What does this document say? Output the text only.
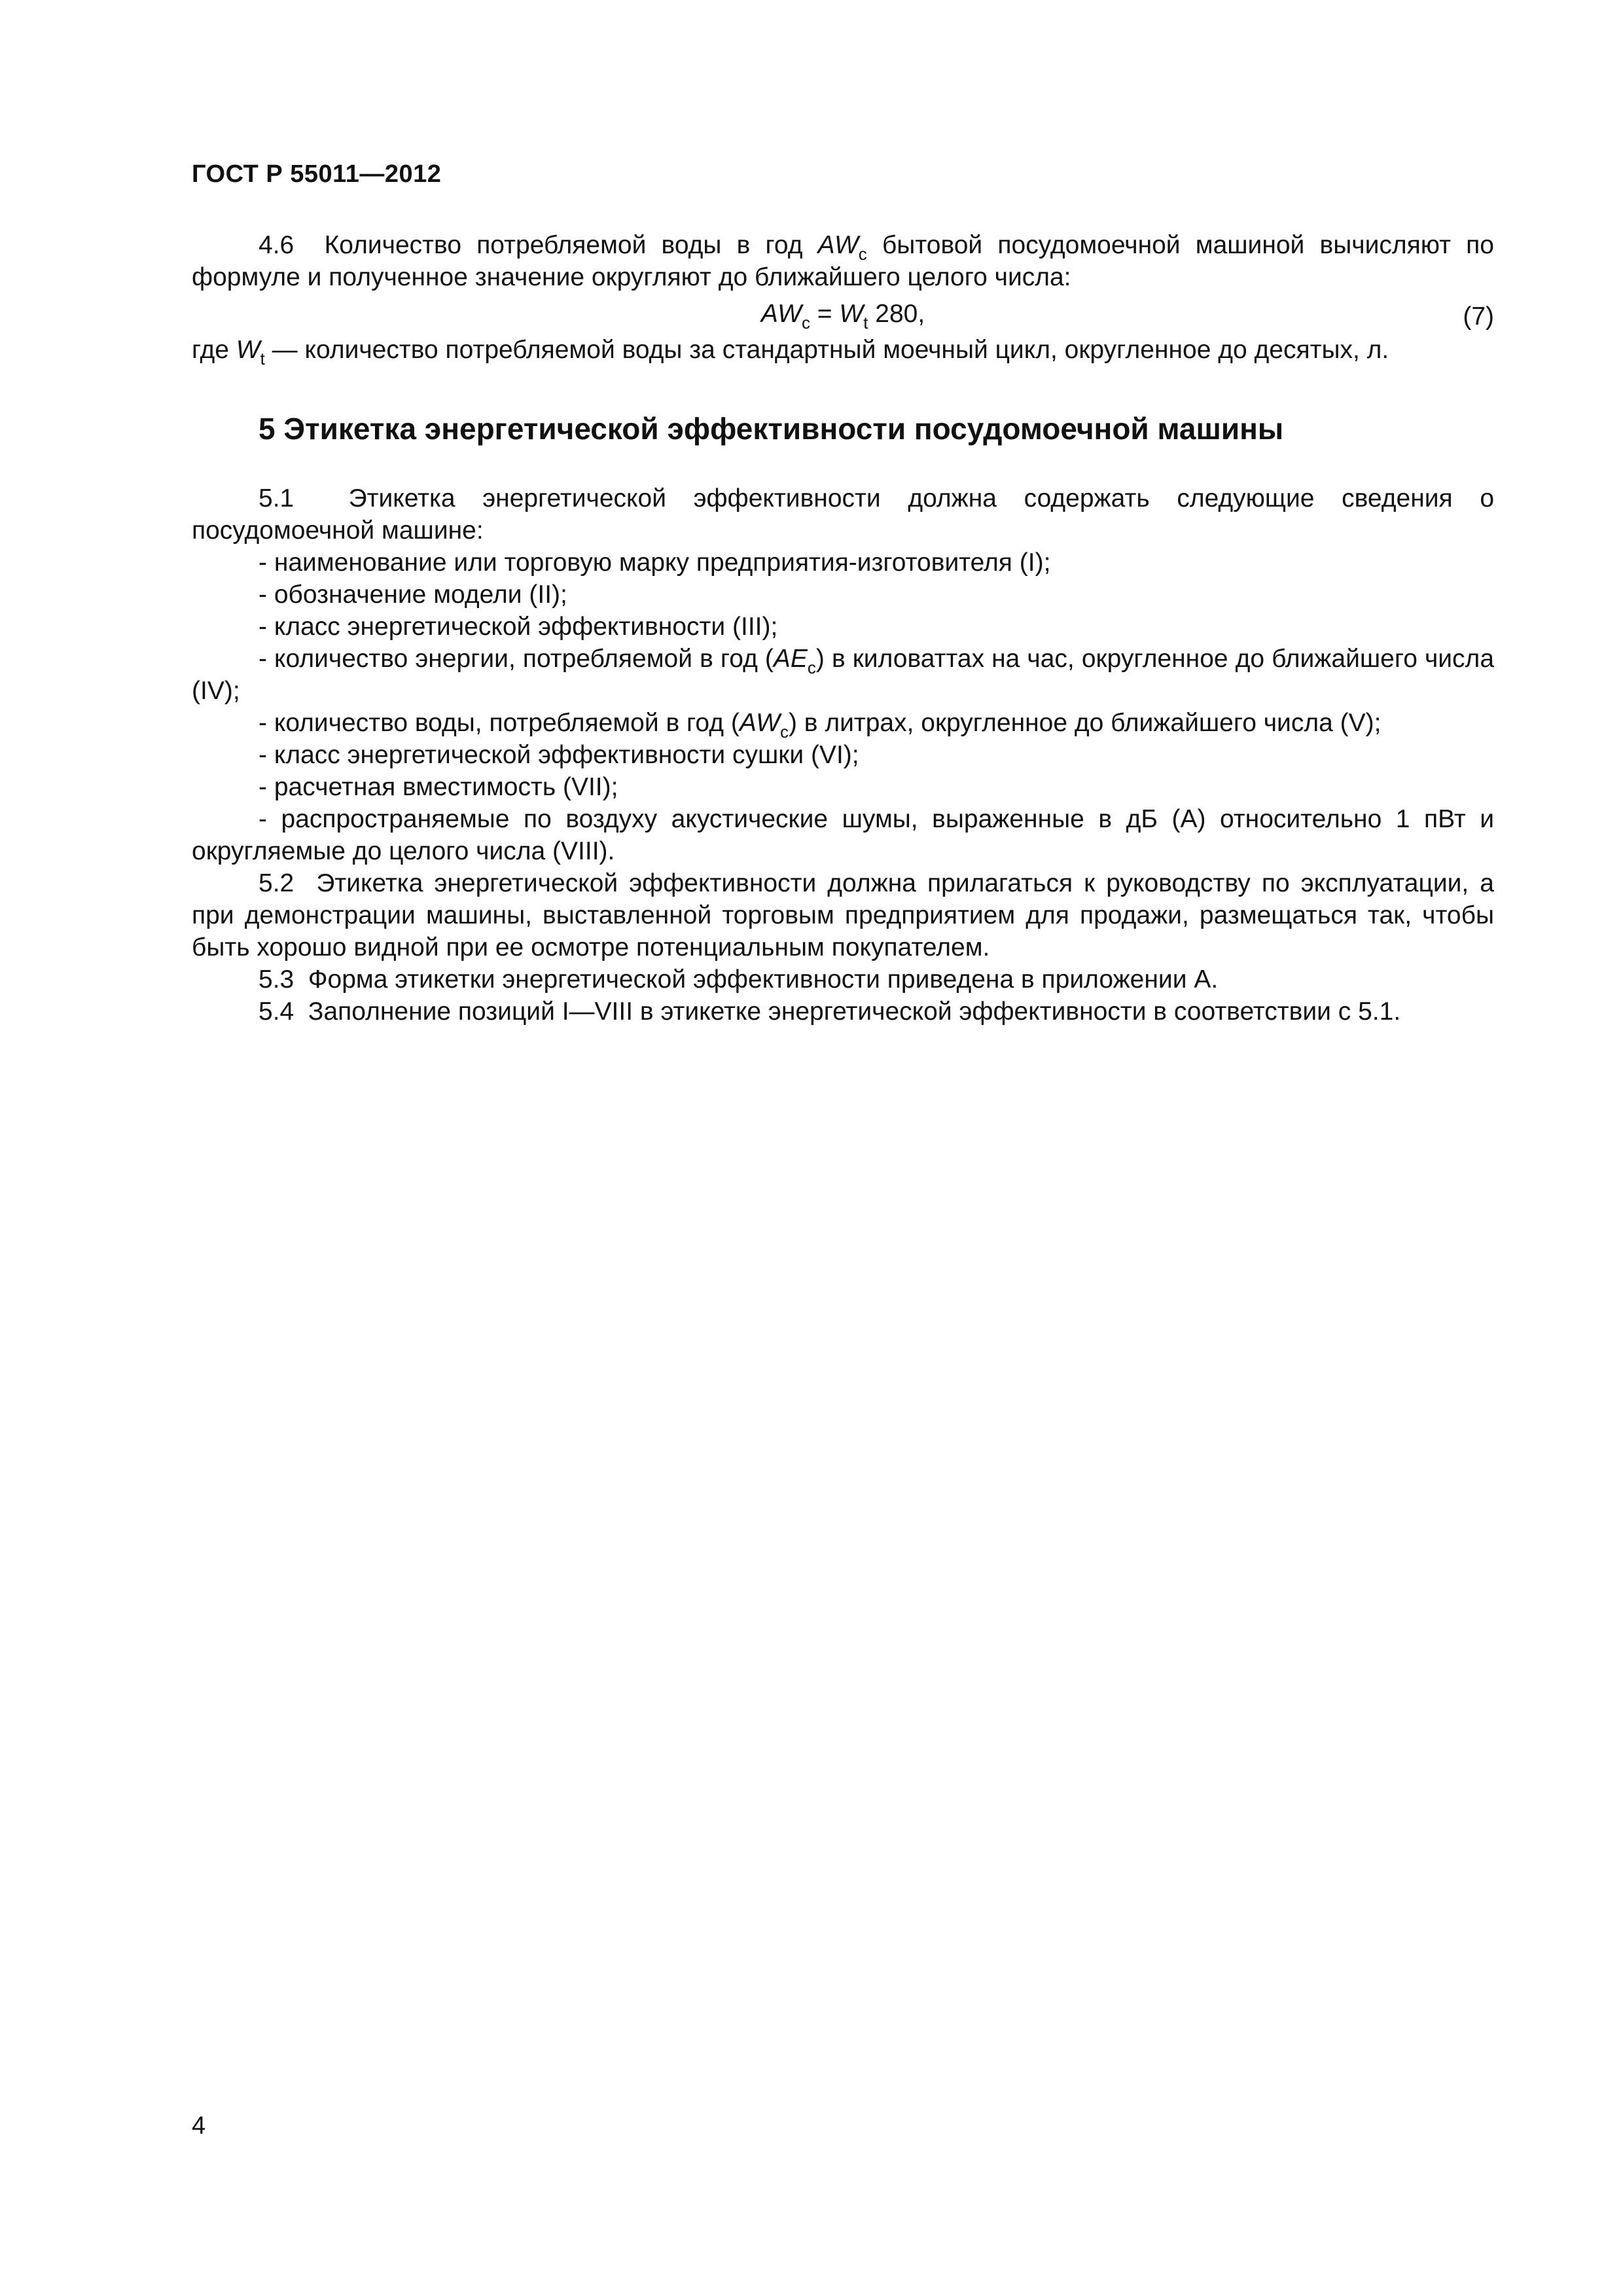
ГОСТ Р 55011—2012

4.6 Количество потребляемой воды в год $AW_c$ бытовой посудомоечной машиной вычисляют по формуле и полученное значение округляют до ближайшего целого числа:

$AW_c = W_t$ 280,	(7)

где $W_t$ — количество потребляемой воды за стандартный моечный цикл, округленное до десятых, л.

5 Этикетка энергетической эффективности посудомоечной машины

5.1 Этикетка энергетической эффективности должна содержать следующие сведения о посудомоечной машине:

- наименование или торговую марку предприятия-изготовителя (I);

- обозначение модели (II);

- класс энергетической эффективности (III);

- количество энергии, потребляемой в год $(AE_c)$ в киловаттах на час, округленное до ближайшего числа (IV);

- количество воды, потребляемой в год $(AW_c)$ в литрах, округленное до ближайшего числа (V);

- класс энергетической эффективности сушки (VI);

- расчетная вместимость (VII);

- распространяемые по воздуху акустические шумы, выраженные в дБ (А) относительно 1 пВт и округляемые до целого числа (VIII).

5.2 Этикетка энергетической эффективности должна прилагаться к руководству по эксплуатации, а при демонстрации машины, выставленной торговым предприятием для продажи, размещаться так, чтобы быть хорошо видной при ее осмотре потенциальным покупателем.

5.3 Форма этикетки энергетической эффективности приведена в приложении А.

5.4 Заполнение позиций I—VIII в этикетке энергетической эффективности в соответствии с 5.1.

4
